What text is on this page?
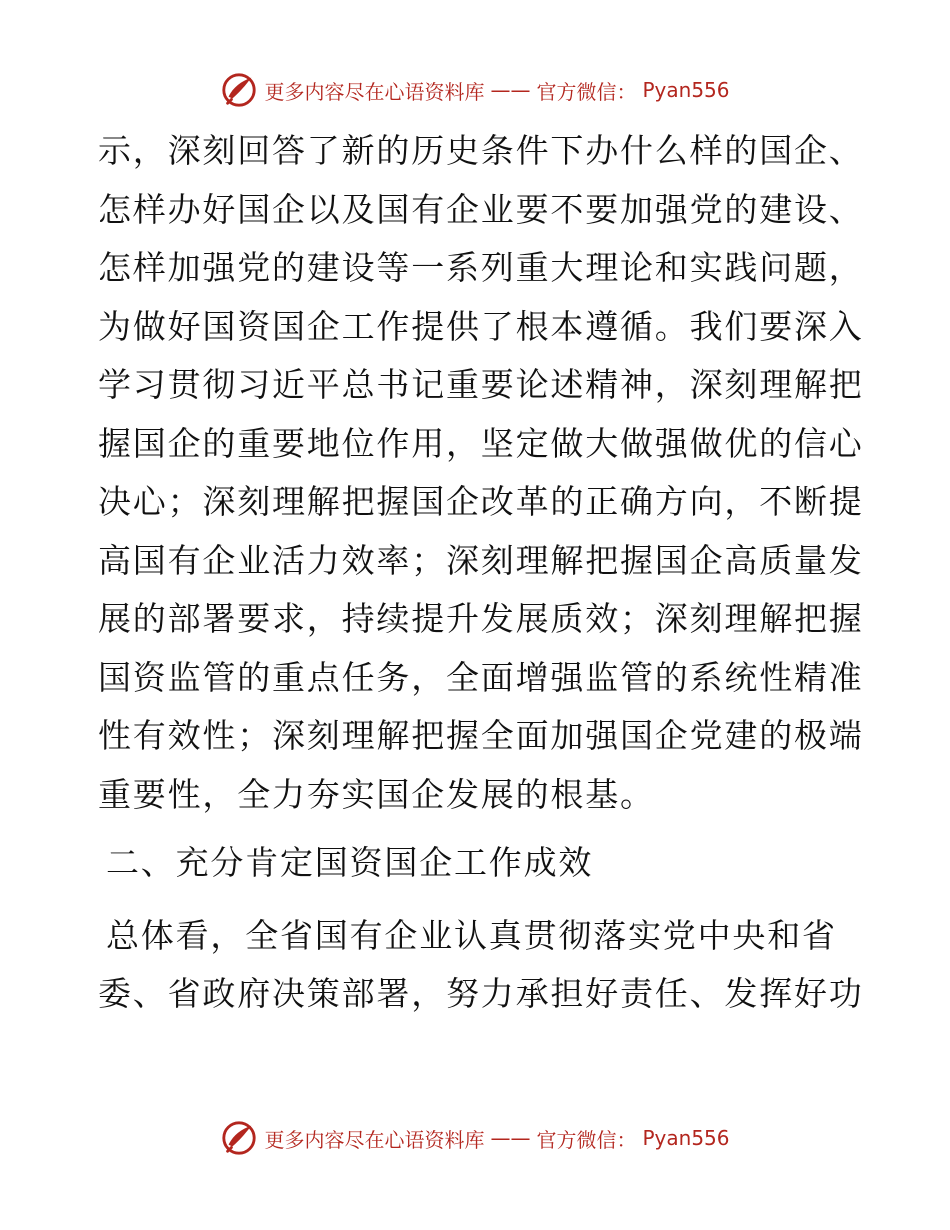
更多内容尽在心语资料库 —— 官方微信： Pyan556

示，深刻回答了新的历史条件下办什么样的国企、
怎样办好国企以及国有企业要不要加强党的建设、
怎样加强党的建设等一系列重大理论和实践问题，
为做好国资国企工作提供了根本遵循。我们要深入
学习贯彻习近平总书记重要论述精神，深刻理解把
握国企的重要地位作用，坚定做大做强做优的信心
决心；深刻理解把握国企改革的正确方向，不断提
高国有企业活力效率；深刻理解把握国企高质量发
展的部署要求，持续提升发展质效；深刻理解把握
国资监管的重点任务，全面增强监管的系统性精准
性有效性；深刻理解把握全面加强国企党建的极端
重要性，全力夯实国企发展的根基。

二、充分肯定国资国企工作成效

总体看，全省国有企业认真贯彻落实党中央和省
委、省政府决策部署，努力承担好责任、发挥好功

更多内容尽在心语资料库 —— 官方微信： Pyan556
